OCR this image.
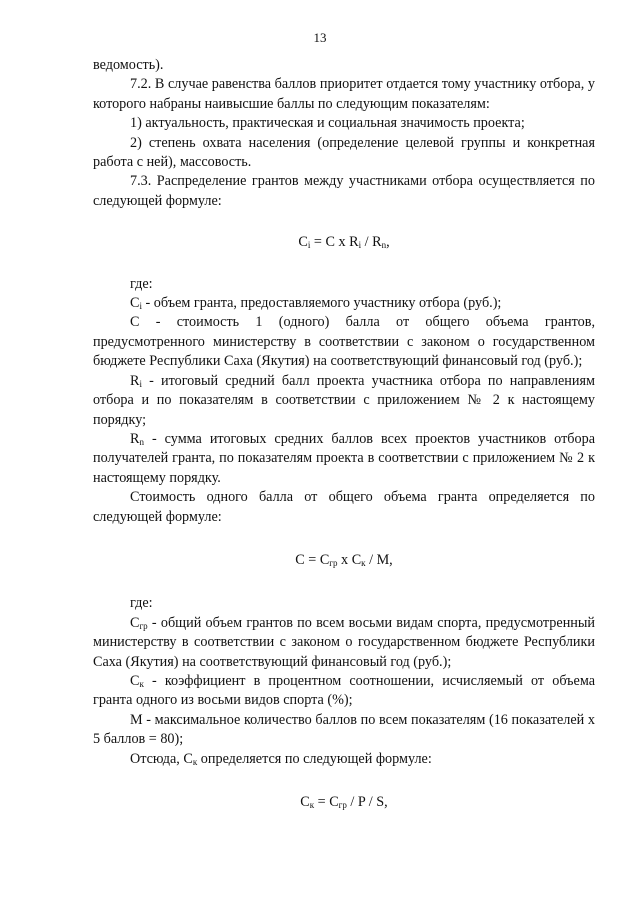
13

ведомость).

7.2. В случае равенства баллов приоритет отдается тому участнику отбора, у которого набраны наивысшие баллы по следующим показателям:

1) актуальность, практическая и социальная значимость проекта;

2) степень охвата населения (определение целевой группы и конкретная работа с ней), массовость.

7.3. Распределение грантов между участниками отбора осуществляется по следующей формуле:

$C_i = C$ x $R_i / R_n$,

где:

$C_i$ - объем гранта, предоставляемого участнику отбора (руб.);

C - стоимость 1 (одного) балла от общего объема грантов, предусмотренного министерству в соответствии с законом о государственном бюджете Республики Саха (Якутия) на соответствующий финансовый год (руб.);

$R_i$ - итоговый средний балл проекта участника отбора по направлениям отбора и по показателям в соответствии с приложением № 2 к настоящему порядку;

$R_n$ - сумма итоговых средних баллов всех проектов участников отбора получателей гранта, по показателям проекта в соответствии с приложением № 2 к настоящему порядку.

Стоимость одного балла от общего объема гранта определяется по следующей формуле:

$C = C_{гр}$ x $C_к$ / M,

где:

$C_{гр}$ - общий объем грантов по всем восьми видам спорта, предусмотренный министерству в соответствии с законом о государственном бюджете Республики Саха (Якутия) на соответствующий финансовый год (руб.);

$C_к$ - коэффициент в процентном соотношении, исчисляемый от объема гранта одного из восьми видов спорта (%);

M - максимальное количество баллов по всем показателям (16 показателей x 5 баллов = 80);

Отсюда, $C_к$ определяется по следующей формуле:

$C_к = C_{гр} / P / S$,
